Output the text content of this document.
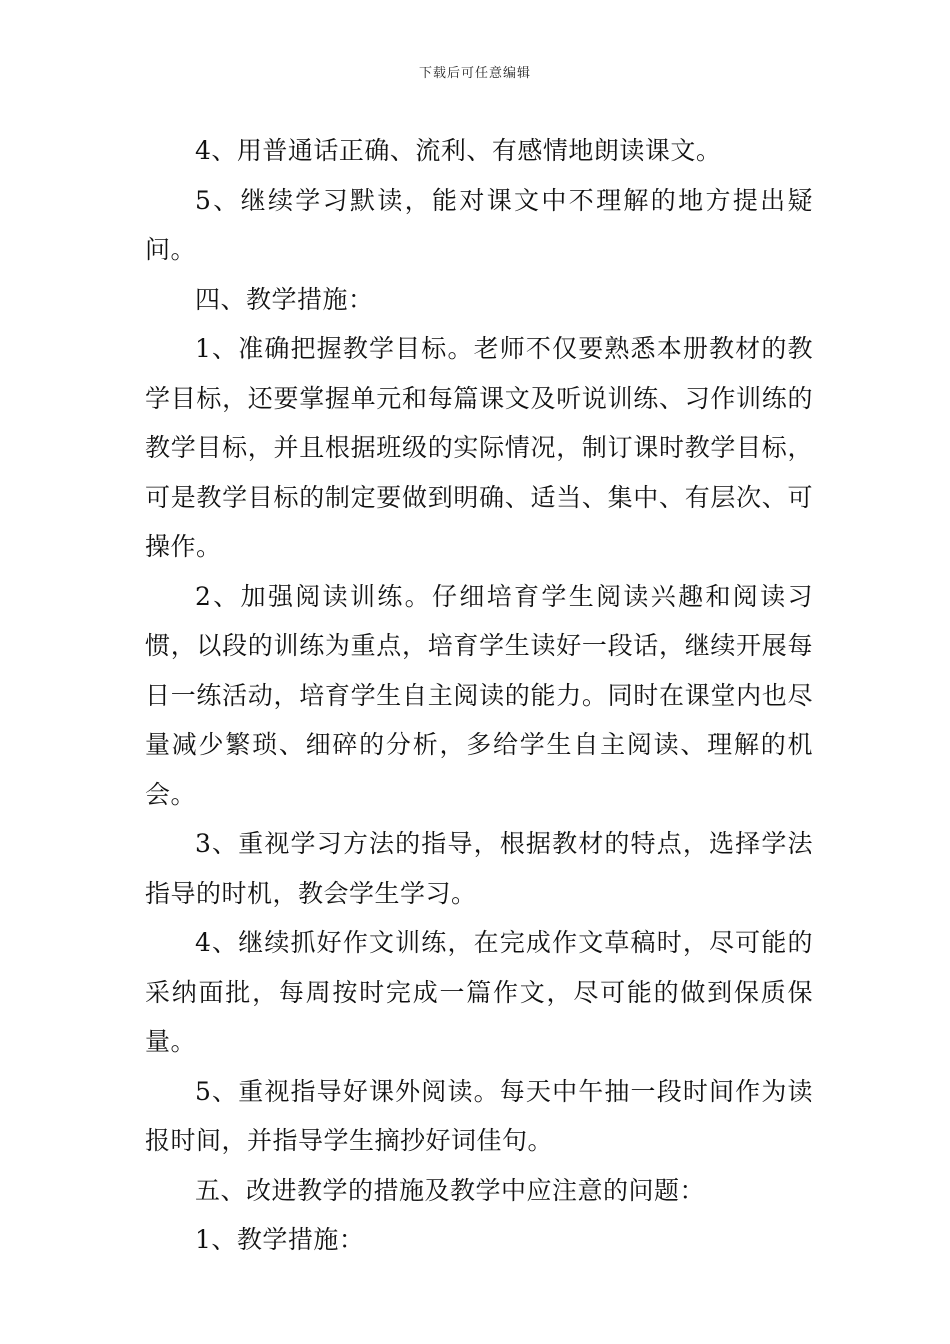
下载后可任意编辑

4、用普通话正确、流利、有感情地朗读课文。

5、继续学习默读，能对课文中不理解的地方提出疑问。

四、教学措施：

1、准确把握教学目标。老师不仅要熟悉本册教材的教学目标，还要掌握单元和每篇课文及听说训练、习作训练的教学目标，并且根据班级的实际情况，制订课时教学目标，可是教学目标的制定要做到明确、适当、集中、有层次、可操作。

2、加强阅读训练。仔细培育学生阅读兴趣和阅读习惯，以段的训练为重点，培育学生读好一段话，继续开展每日一练活动，培育学生自主阅读的能力。同时在课堂内也尽量减少繁琐、细碎的分析，多给学生自主阅读、理解的机会。

3、重视学习方法的指导，根据教材的特点，选择学法指导的时机，教会学生学习。

4、继续抓好作文训练，在完成作文草稿时，尽可能的采纳面批，每周按时完成一篇作文，尽可能的做到保质保量。

5、重视指导好课外阅读。每天中午抽一段时间作为读报时间，并指导学生摘抄好词佳句。

五、改进教学的措施及教学中应注意的问题：

1、教学措施：
